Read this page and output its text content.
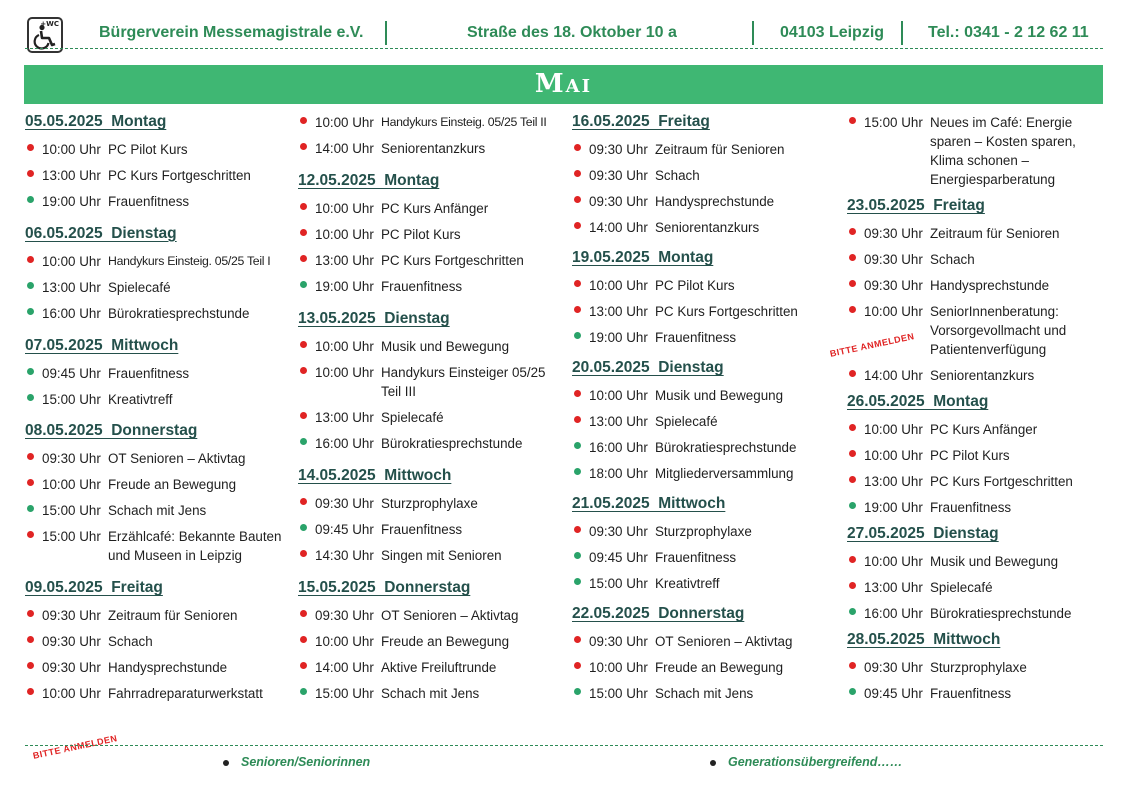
+WC	Bürgerverein Messemagistrale e.V.	Straße des 18. Oktober 10 a	04103 Leipzig	Tel.: 0341 - 2 12 62 11
Mai
05.05.2025  Montag
10:00 Uhr PC Pilot Kurs
13:00 Uhr PC Kurs Fortgeschritten
19:00 Uhr Frauenfitness
06.05.2025  Dienstag
10:00 Uhr Handykurs Einsteig. 05/25 Teil I
13:00 Uhr Spielecafé
16:00 Uhr Bürokratiesprechstunde
07.05.2025  Mittwoch
09:45 Uhr Frauenfitness
15:00 Uhr Kreativtreff
08.05.2025  Donnerstag
09:30 Uhr OT Senioren – Aktivtag
10:00 Uhr Freude an Bewegung
15:00 Uhr Schach mit Jens
15:00 Uhr Erzählcafé: Bekannte Bauten
und Museen in Leipzig
09.05.2025  Freitag
09:30 Uhr Zeitraum für Senioren
09:30 Uhr Schach
09:30 Uhr Handysprechstunde
10:00 Uhr Fahrradreparaturwerkstatt
10:00 Uhr Handykurs Einsteig. 05/25 Teil II
14:00 Uhr Seniorentanzkurs
12.05.2025  Montag
10:00 Uhr PC Kurs Anfänger
10:00 Uhr PC Pilot Kurs
13:00 Uhr PC Kurs Fortgeschritten
19:00 Uhr Frauenfitness
13.05.2025  Dienstag
10:00 Uhr Musik und Bewegung
10:00 Uhr Handykurs Einsteiger 05/25
Teil III
13:00 Uhr Spielecafé
16:00 Uhr Bürokratiesprechstunde
14.05.2025  Mittwoch
09:30 Uhr Sturzprophylaxe
09:45 Uhr Frauenfitness
14:30 Uhr Singen mit Senioren
15.05.2025  Donnerstag
09:30 Uhr OT Senioren – Aktivtag
10:00 Uhr Freude an Bewegung
14:00 UhrAktive Freiluftrunde
15:00 Uhr Schach mit Jens
16.05.2025  Freitag
09:30 Uhr Zeitraum für Senioren
09:30 Uhr Schach
09:30 Uhr Handysprechstunde
14:00 Uhr Seniorentanzkurs
19.05.2025  Montag
10:00 Uhr PC Pilot Kurs
13:00 Uhr PC Kurs Fortgeschritten
19:00 Uhr Frauenfitness
20.05.2025  Dienstag
10:00 Uhr Musik und Bewegung
13:00 Uhr Spielecafé
16:00 Uhr Bürokratiesprechstunde
18:00 Uhr Mitgliederversammlung
21.05.2025  Mittwoch
09:30 Uhr Sturzprophylaxe
09:45 Uhr Frauenfitness
15:00 Uhr Kreativtreff
22.05.2025  Donnerstag
09:30 Uhr OT Senioren – Aktivtag
10:00 Uhr Freude an Bewegung
15:00 Uhr Schach mit Jens
15:00 Uhr Neues im Café: Energie
sparen – Kosten sparen,
Klima schonen –
Energiesparberatung
23.05.2025  Freitag
09:30 Uhr Zeitraum für Senioren
09:30 Uhr Schach
09:30 Uhr Handysprechstunde
10:00 Uhr SeniorInnenberatung:
Vorsorgevollmacht und
Patientenverfügung
14:00 Uhr Seniorentanzkurs
26.05.2025  Montag
10:00 Uhr PC Kurs Anfänger
10:00 Uhr PC Pilot Kurs
13:00 Uhr PC Kurs Fortgeschritten
19:00 Uhr Frauenfitness
27.05.2025  Dienstag
10:00 Uhr Musik und Bewegung
13:00 Uhr Spielecafé
16:00 Uhr Bürokratiesprechstunde
28.05.2025  Mittwoch
09:30 Uhr Sturzprophylaxe
09:45 Uhr Frauenfitness
BITTE ANMELDEN
BITTE ANMELDEN
Senioren/Seniorinnen	Generationsübergreifend……
